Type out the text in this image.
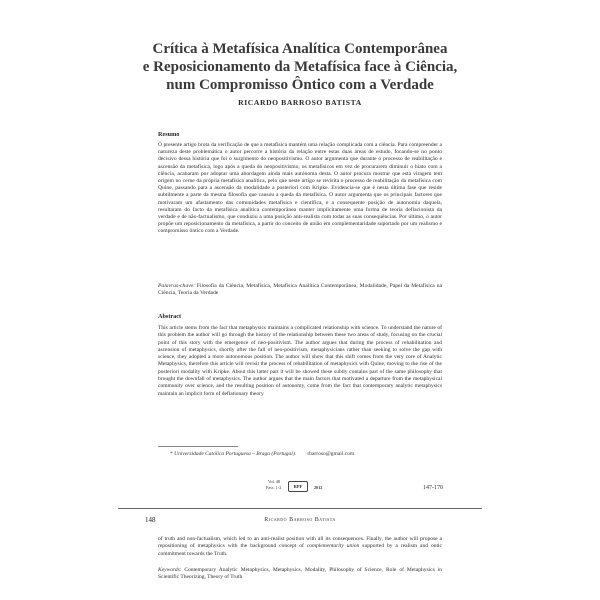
Crítica à Metafísica Analítica Contemporânea
e Reposicionamento da Metafísica face à Ciência,
num Compromisso Ôntico com a Verdade
RICARDO BARROSO BATISTA
Resumo
O presente artigo brota da verificação de que a metafísica mantém uma relação complicada com a ciência. Para compreender a natureza deste problemática o autor percorre a história da relação entre estas duas áreas de estudo, focando-se no ponto decisivo dessa história que foi o surgimento do neopositivismo. O autor argumenta que durante o processo de reabilitação e ascensão da metafísica, logo após a queda do neopositivismo, os metafísicos em vez de procurarem diminuir o hiato com a ciência, acabaram por adoptar uma abordagem ainda mais autónoma desta. O autor procura mostrar que esta viragem tem origem no cerne da própria metafísica analítica, pelo que neste artigo se revisita o processo de reabilitação da metafísica com Quine, passando para a ascensão da modalidade a posteriori com Kripke. Evidencia-se que é nesta última fase que reside subtilmente a parte da mesma filosofia que causou a queda da metafísica. O autor argumenta que os principais factores que motivaram um afastamento das comunidades metafísica e científica, e a consequente posição de autonomia daquela, resultaram do facto da metafísica analítica contemporânea manter implicitamente uma forma de teoria deflacionista da verdade e de não-factualismo, que conduziu a uma posição anti-realista com todas as suas consequências. Por último, o autor propõe um reposicionamento da metafísica, a partir do conceito de união em complementaridade suportado por um realismo e compromisso ôntico com a Verdade.
Palavras-chave: Filosofia da Ciência, Metafísica, Metafísica Analítica Contemporânea, Modalidade, Papel da Metafísica na Ciência, Teoria da Verdade
Abstract
This article stems from the fact that metaphysics maintains a complicated relationship with science. To understand the nature of this problem the author will go through the history of the relationship between these two areas of study, focusing on the crucial point of this story with the emergence of neo-positivism. The author argues that during the process of rehabilitation and ascension of metaphysics, shortly after the fall of neo-positivism, metaphysicians rather than seeking to solve the gap with science, they adopted a more autonomous position. The author will show that this shift comes from the very core of Analytic Metaphysics, therefore this article will revisit the process of rehabilitation of metaphysics with Quine, moving to the rise of the posteriori modality with Kripke. About this latter part it will be showed these subtly contains part of the same philosophy that brought the downfall of metaphysics. The author argues that the main factors that motivated a departure from the metaphysical community over science, and the resulting position of autonomy, come from the fact that contemporary analytic metaphysics maintain an implicit form of deflationary theory
* Universidade Católica Portuguesa – Braga (Portugal). rbarroso@gmail.com
Vol. 48
Fasc. 1-2	RPF	2012	147-170
148	Ricardo Barroso Batista
of truth and non-factualism, which led to an anti-realist position with all its consequences. Finally, the author will propose a repositioning of metaphysics with the background concept of complementarity union supported by a realism and ontic commitment towards the Truth.
Keywords: Contemporary Analytic Metaphysics, Metaphysics, Modality, Philosophy of Science, Role of Metaphysics in Scientific Theorizing, Theory of Truth
